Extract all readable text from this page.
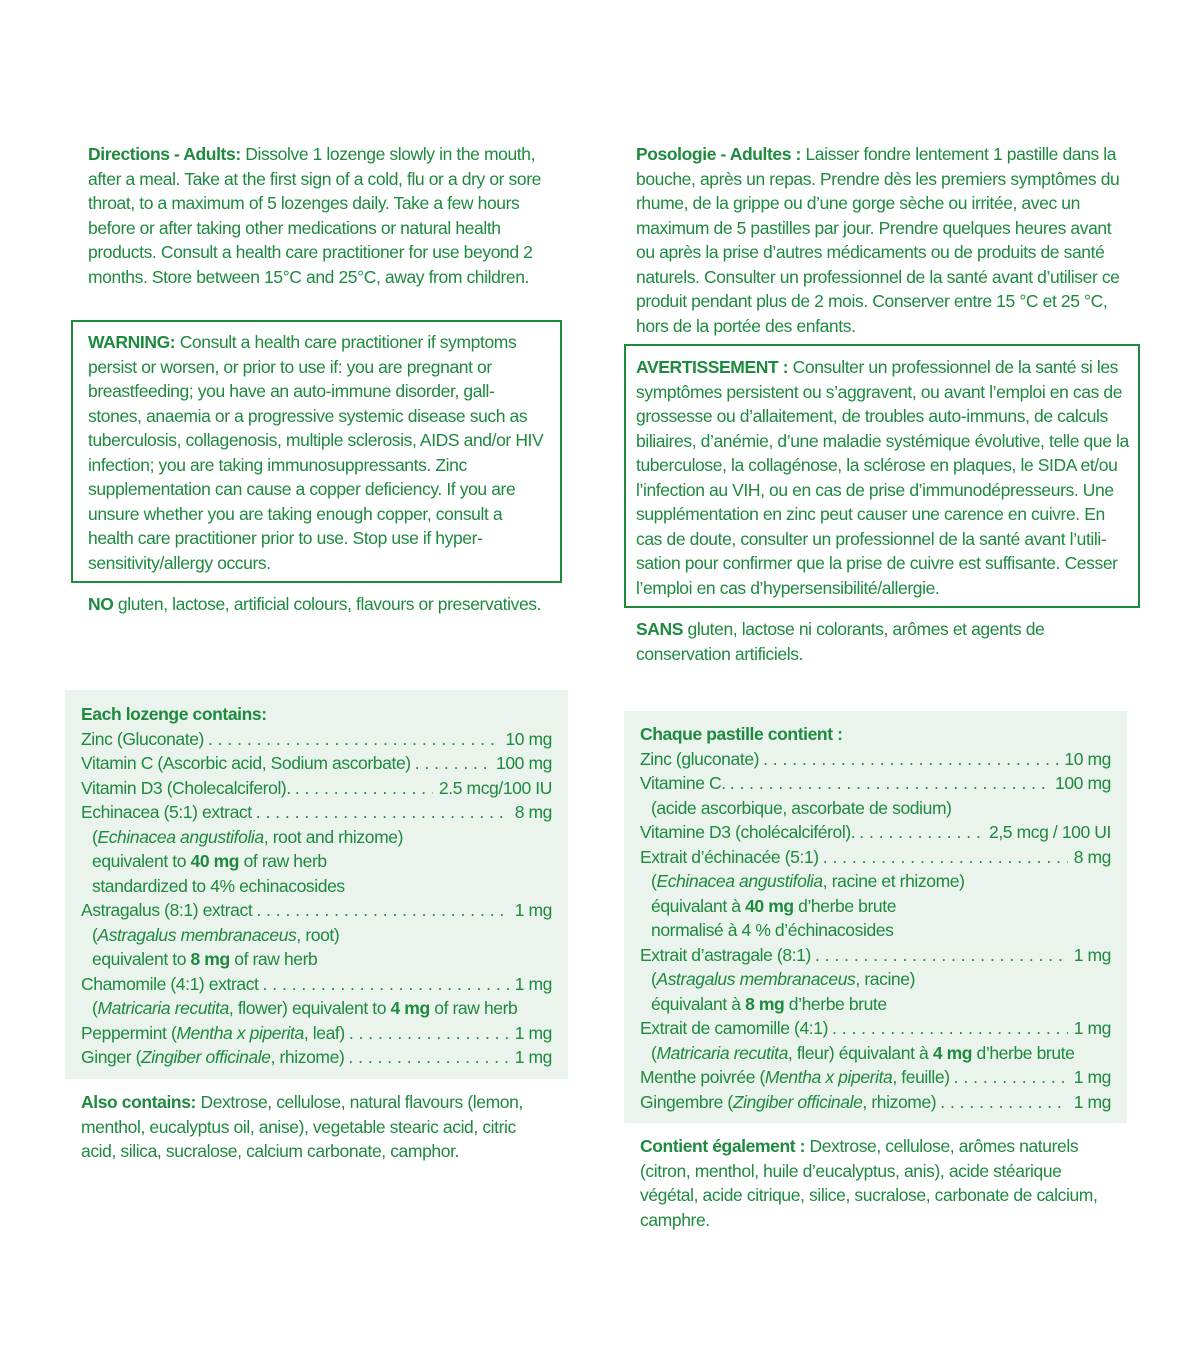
Directions - Adults: Dissolve 1 lozenge slowly in the mouth, after a meal. Take at the first sign of a cold, flu or a dry or sore throat, to a maximum of 5 lozenges daily. Take a few hours before or after taking other medications or natural health products. Consult a health care practitioner for use beyond 2 months. Store between 15°C and 25°C, away from children.

WARNING: Consult a health care practitioner if symptoms persist or worsen, or prior to use if: you are pregnant or breastfeeding; you have an auto-immune disorder, gall-stones, anaemia or a progressive systemic disease such as tuberculosis, collagenosis, multiple sclerosis, AIDS and/or HIV infection; you are taking immunosuppressants. Zinc supplementation can cause a copper deficiency. If you are unsure whether you are taking enough copper, consult a health care practitioner prior to use. Stop use if hyper-sensitivity/allergy occurs.

NO gluten, lactose, artificial colours, flavours or preservatives.

Each lozenge contains:
Zinc (Gluconate) . . .	10 mg
Vitamin C (Ascorbic acid, Sodium ascorbate) . . .	100 mg
Vitamin D3 (Cholecalciferol). . . .	2.5 mcg/100 IU
Echinacea (5:1) extract . . .	8 mg
(Echinacea angustifolia, root and rhizome)
equivalent to 40 mg of raw herb
standardized to 4% echinacosides
Astragalus (8:1) extract . . .	1 mg
(Astragalus membranaceus, root)
equivalent to 8 mg of raw herb
Chamomile (4:1) extract . . .	1 mg
(Matricaria recutita, flower) equivalent to 4 mg of raw herb
Peppermint (Mentha x piperita, leaf) . . .	1 mg
Ginger (Zingiber officinale, rhizome) . . .	1 mg

Also contains: Dextrose, cellulose, natural flavours (lemon, menthol, eucalyptus oil, anise), vegetable stearic acid, citric acid, silica, sucralose, calcium carbonate, camphor.

Posologie - Adultes : Laisser fondre lentement 1 pastille dans la bouche, après un repas. Prendre dès les premiers symptômes du rhume, de la grippe ou d’une gorge sèche ou irritée, avec un maximum de 5 pastilles par jour. Prendre quelques heures avant ou après la prise d’autres médicaments ou de produits de santé naturels. Consulter un professionnel de la santé avant d’utiliser ce produit pendant plus de 2 mois. Conserver entre 15 °C et 25 °C, hors de la portée des enfants.

AVERTISSEMENT : Consulter un professionnel de la santé si les symptômes persistent ou s’aggravent, ou avant l’emploi en cas de grossesse ou d’allaitement, de troubles auto-immuns, de calculs biliaires, d’anémie, d’une maladie systémique évolutive, telle que la tuberculose, la collagénose, la sclérose en plaques, le SIDA et/ou l’infection au VIH, ou en cas de prise d’immunodépresseurs. Une supplémentation en zinc peut causer une carence en cuivre. En cas de doute, consulter un professionnel de la santé avant l’utili-sation pour confirmer que la prise de cuivre est suffisante. Cesser l’emploi en cas d’hypersensibilité/allergie.

SANS gluten, lactose ni colorants, arômes et agents de conservation artificiels.

Chaque pastille contient :
Zinc (gluconate) . . .	10 mg
Vitamine C. . . .	100 mg
(acide ascorbique, ascorbate de sodium)
Vitamine D3 (cholécalciférol). . . .	2,5 mcg / 100 UI
Extrait d’échinacée (5:1) . . .	8 mg
(Echinacea angustifolia, racine et rhizome)
équivalant à 40 mg d’herbe brute
normalisé à 4 % d’échinacosides
Extrait d’astragale (8:1) . . .	1 mg
(Astragalus membranaceus, racine)
équivalant à 8 mg d’herbe brute
Extrait de camomille (4:1) . . .	1 mg
(Matricaria recutita, fleur) équivalant à 4 mg d’herbe brute
Menthe poivrée (Mentha x piperita, feuille) . . .	1 mg
Gingembre (Zingiber officinale, rhizome) . . .	1 mg

Contient également : Dextrose, cellulose, arômes naturels (citron, menthol, huile d’eucalyptus, anis), acide stéarique végétal, acide citrique, silice, sucralose, carbonate de calcium, camphre.
